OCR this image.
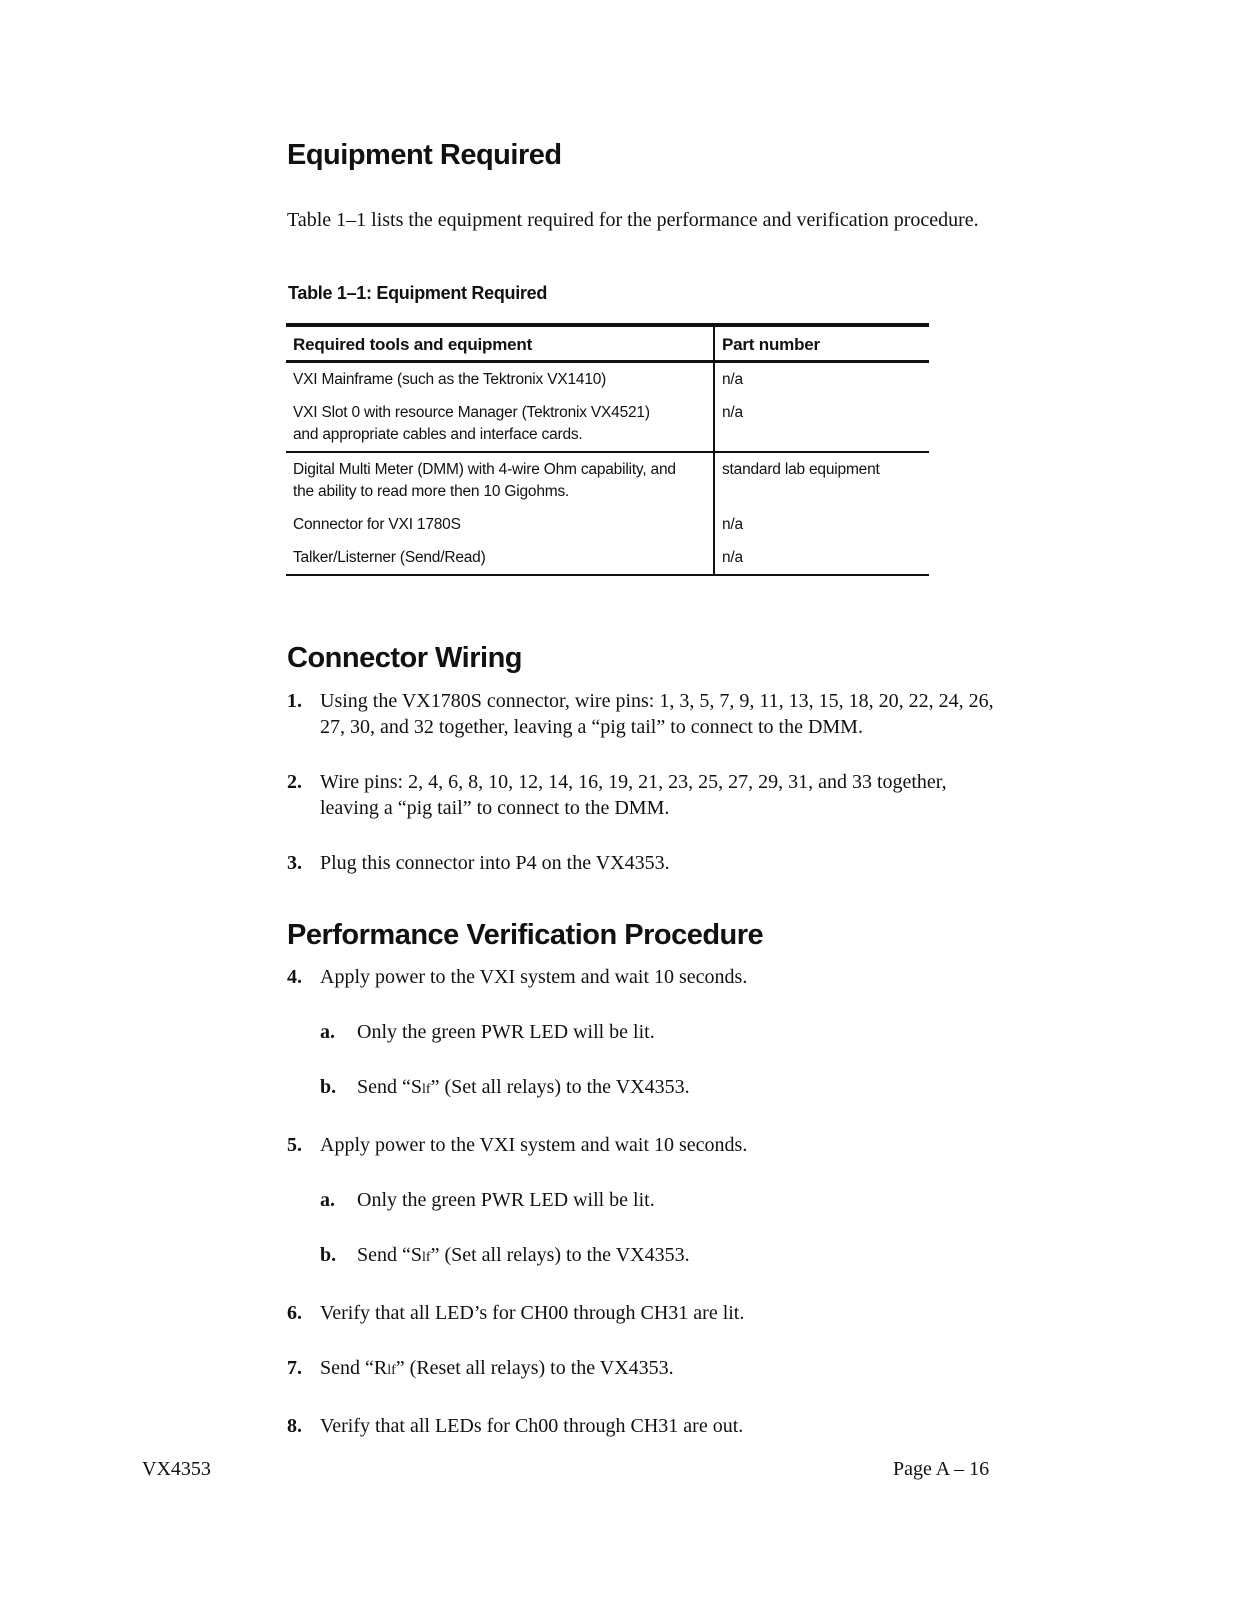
Equipment Required
Table 1–1 lists the equipment required for the performance and verification procedure.
Table 1–1: Equipment Required
Required tools and equipment	Part number
VXI Mainframe (such as the Tektronix VX1410)	n/a
VXI Slot 0 with resource Manager (Tektronix VX4521)
and appropriate cables and interface cards.	n/a
Digital Multi Meter (DMM) with 4-wire Ohm capability, and
the ability to read more then 10 Gigohms.	standard lab equipment
Connector for VXI 1780S	n/a
Talker/Listerner (Send/Read)	n/a
Connector Wiring
1. Using the VX1780S connector, wire pins: 1, 3, 5, 7, 9, 11, 13, 15, 18, 20, 22, 24, 26,
27, 30, and 32 together, leaving a “pig tail” to connect to the DMM.
2. Wire pins: 2, 4, 6, 8, 10, 12, 14, 16, 19, 21, 23, 25, 27, 29, 31, and 33 together,
leaving a “pig tail” to connect to the DMM.
3. Plug this connector into P4 on the VX4353.
Performance Verification Procedure
4. Apply power to the VXI system and wait 10 seconds.
a. Only the green PWR LED will be lit.
b. Send “Slf” (Set all relays) to the VX4353.
5. Apply power to the VXI system and wait 10 seconds.
a. Only the green PWR LED will be lit.
b. Send “Slf” (Set all relays) to the VX4353.
6. Verify that all LED’s for CH00 through CH31 are lit.
7. Send “Rlf” (Reset all relays) to the VX4353.
8. Verify that all LEDs for Ch00 through CH31 are out.
VX4353	Page A – 16
